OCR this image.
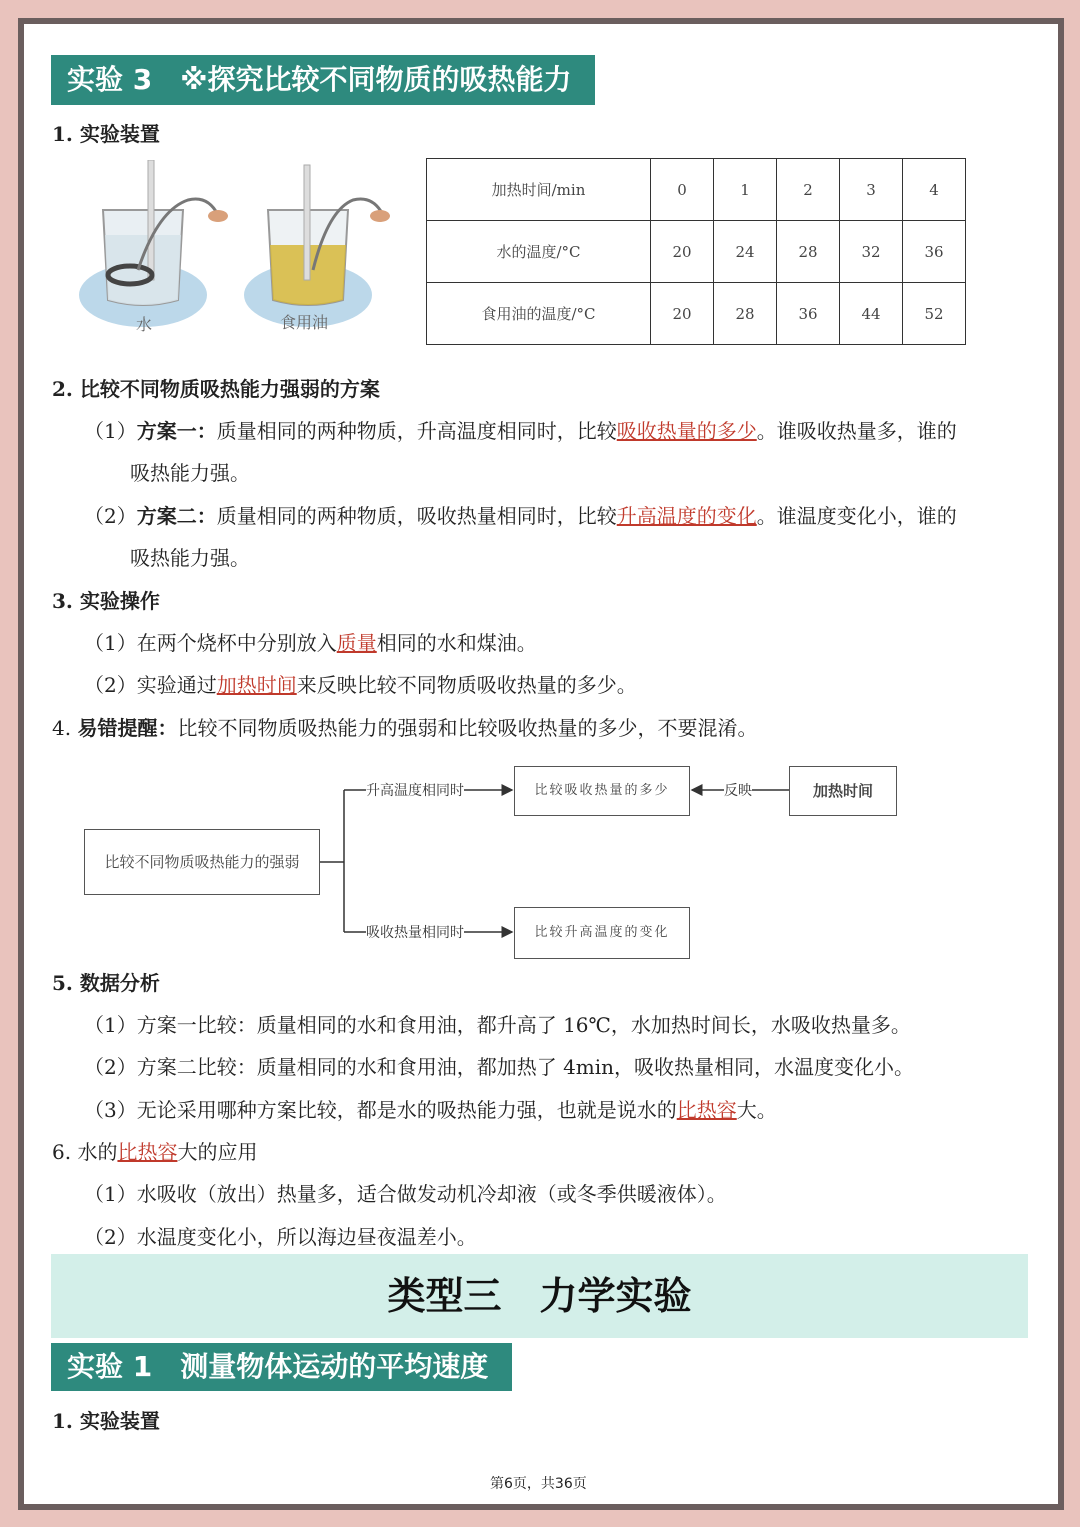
实验 3　※探究比较不同物质的吸热能力
1. 实验装置
水	食用油
加热时间/min	0	1	2	3	4
水的温度/°C	20	24	28	32	36
食用油的温度/°C	20	28	36	44	52
2. 比较不同物质吸热能力强弱的方案
（1）方案一：质量相同的两种物质，升高温度相同时，比较吸收热量的多少。谁吸收热量多，谁的
吸热能力强。
（2）方案二：质量相同的两种物质，吸收热量相同时，比较升高温度的变化。谁温度变化小，谁的
吸热能力强。
3. 实验操作
（1）在两个烧杯中分别放入质量相同的水和煤油。
（2）实验通过加热时间来反映比较不同物质吸收热量的多少。
4. 易错提醒：比较不同物质吸热能力的强弱和比较吸收热量的多少，不要混淆。
比较不同物质吸热能力的强弱
升高温度相同时
吸收热量相同时
比较吸收热量的多少
比较升高温度的变化
反映	加热时间
5. 数据分析
（1）方案一比较：质量相同的水和食用油，都升高了 16℃，水加热时间长，水吸收热量多。
（2）方案二比较：质量相同的水和食用油，都加热了 4min，吸收热量相同，水温度变化小。
（3）无论采用哪种方案比较，都是水的吸热能力强，也就是说水的比热容大。
6. 水的比热容大的应用
（1）水吸收（放出）热量多，适合做发动机冷却液（或冬季供暖液体）。
（2）水温度变化小，所以海边昼夜温差小。
类型三　力学实验
实验 1　测量物体运动的平均速度
1. 实验装置
第6页，共36页
